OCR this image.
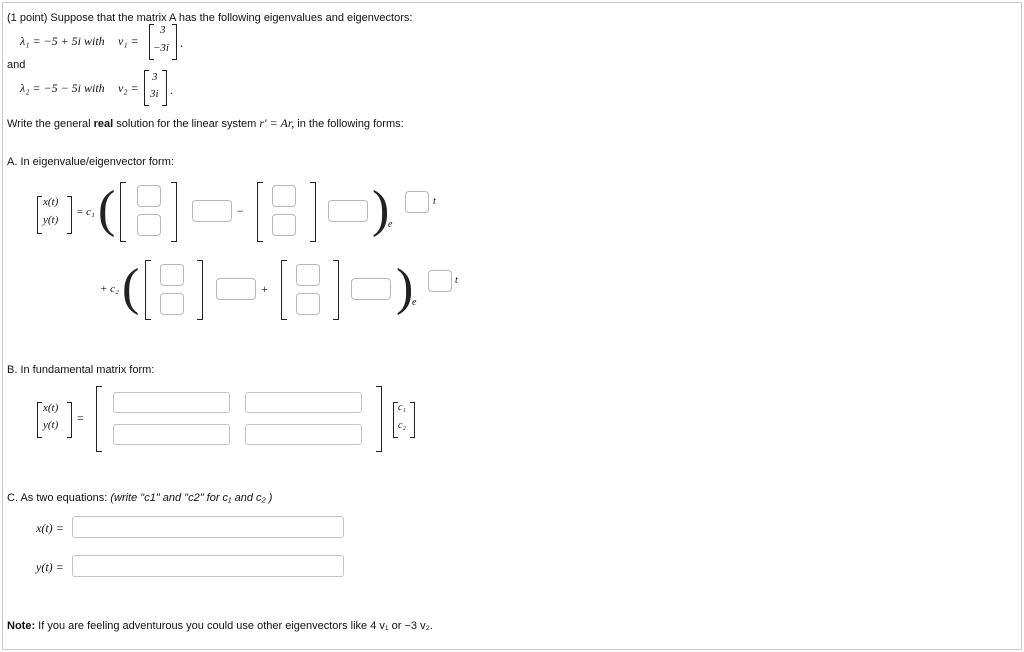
(1 point) Suppose that the matrix A has the following eigenvalues and eigenvectors:
λ₁ = −5 + 5i with v₁ =
3
−3i .
and
λ₂ = −5 − 5i with v₂ =
3
3i .
Write the general real solution for the linear system r′ = Ar, in the following forms:
A. In eigenvalue/eigenvector form:
x(t)
y(t)
= c₁ (	− )
e
t
+ c₂ (	+ )
e
t
B. In fundamental matrix form:
x(t)
y(t) =
c₁
c₂
C. As two equations: (write "c1" and "c2" for c₁ and c₂ )
x(t) =
y(t) =
Note: If you are feeling adventurous you could use other eigenvectors like 4 v₁ or −3 v₂.
